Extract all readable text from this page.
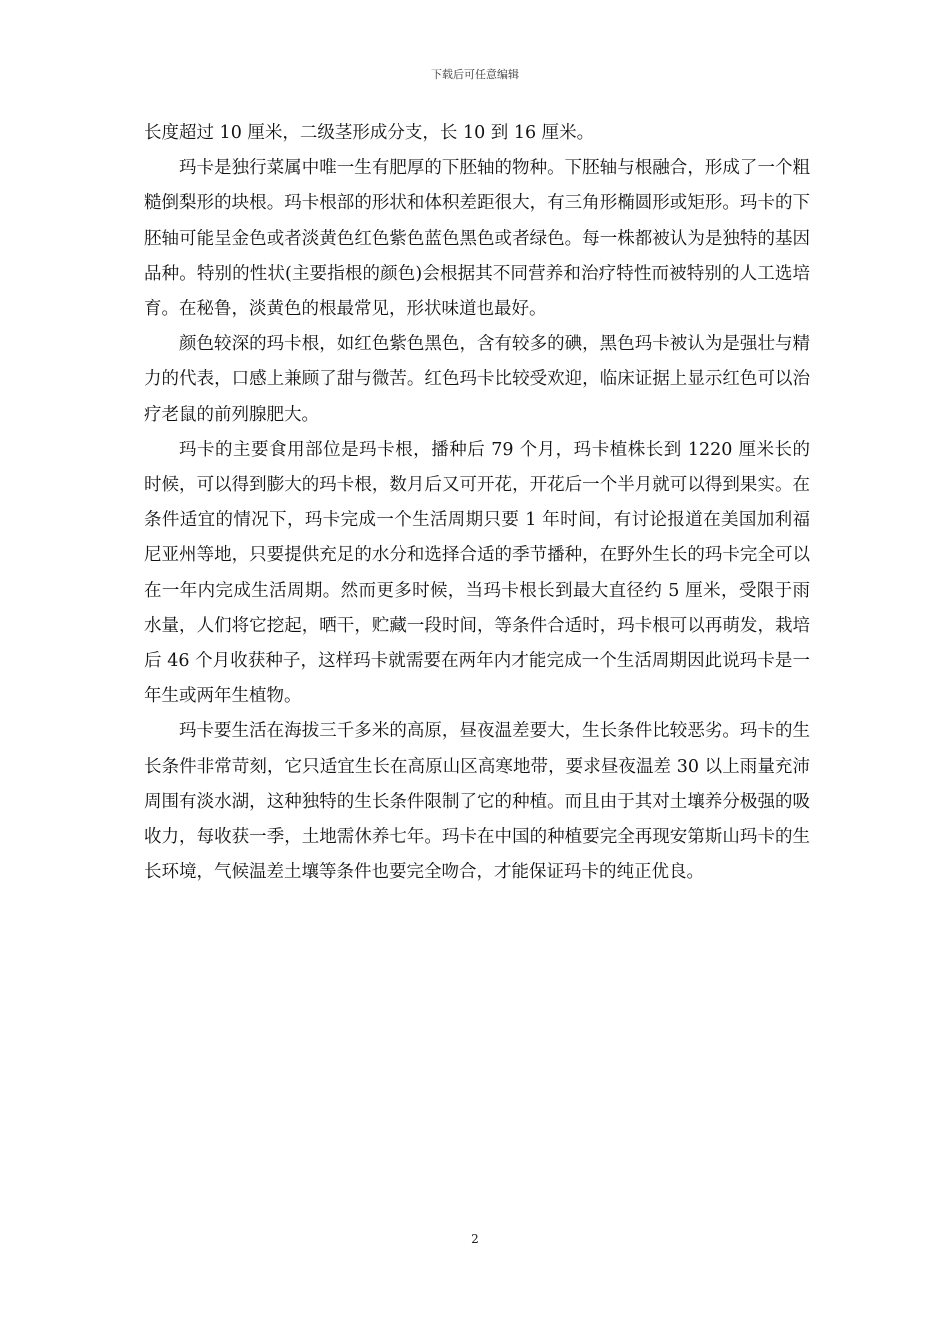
下载后可任意编辑

长度超过 10 厘米，二级茎形成分支，长 10 到 16 厘米。

玛卡是独行菜属中唯一生有肥厚的下胚轴的物种。下胚轴与根融合，形成了一个粗糙倒梨形的块根。玛卡根部的形状和体积差距很大，有三角形椭圆形或矩形。玛卡的下胚轴可能呈金色或者淡黄色红色紫色蓝色黑色或者绿色。每一株都被认为是独特的基因品种。特别的性状(主要指根的颜色)会根据其不同营养和治疗特性而被特别的人工选培育。在秘鲁，淡黄色的根最常见，形状味道也最好。

颜色较深的玛卡根，如红色紫色黑色，含有较多的碘，黑色玛卡被认为是强壮与精力的代表，口感上兼顾了甜与微苦。红色玛卡比较受欢迎，临床证据上显示红色可以治疗老鼠的前列腺肥大。

玛卡的主要食用部位是玛卡根，播种后 79 个月，玛卡植株长到 1220 厘米长的时候，可以得到膨大的玛卡根，数月后又可开花，开花后一个半月就可以得到果实。在条件适宜的情况下，玛卡完成一个生活周期只要 1 年时间，有讨论报道在美国加利福尼亚州等地，只要提供充足的水分和选择合适的季节播种，在野外生长的玛卡完全可以在一年内完成生活周期。然而更多时候，当玛卡根长到最大直径约 5 厘米，受限于雨水量，人们将它挖起，晒干，贮藏一段时间，等条件合适时，玛卡根可以再萌发，栽培后 46 个月收获种子，这样玛卡就需要在两年内才能完成一个生活周期因此说玛卡是一年生或两年生植物。

玛卡要生活在海拔三千多米的高原，昼夜温差要大，生长条件比较恶劣。玛卡的生长条件非常苛刻，它只适宜生长在高原山区高寒地带，要求昼夜温差 30 以上雨量充沛周围有淡水湖，这种独特的生长条件限制了它的种植。而且由于其对土壤养分极强的吸收力，每收获一季，土地需休养七年。玛卡在中国的种植要完全再现安第斯山玛卡的生长环境，气候温差土壤等条件也要完全吻合，才能保证玛卡的纯正优良。

2
